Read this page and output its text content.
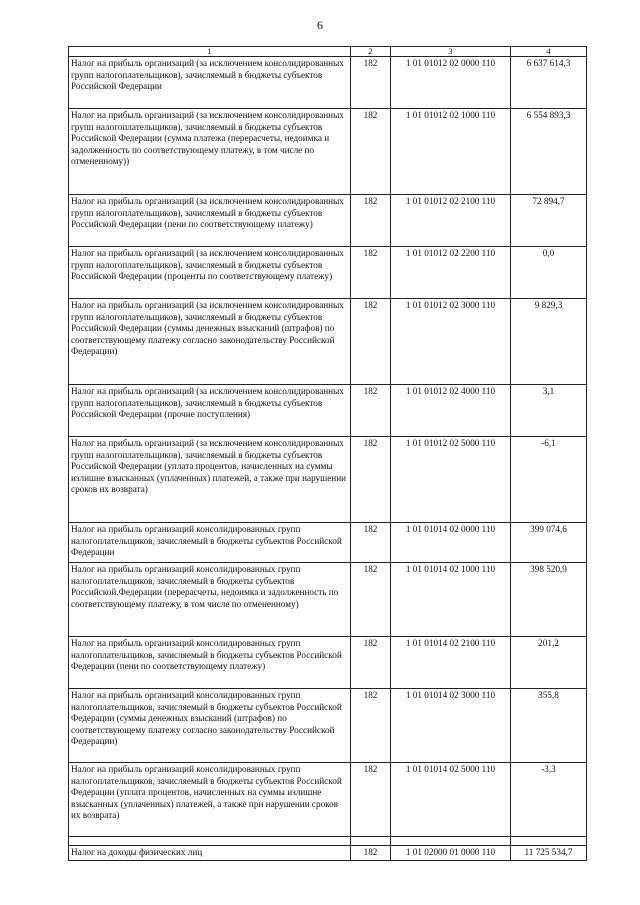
6
1	2	3	4
Налог на прибыль организаций (за исключением консолидированных групп налогоплательщиков), зачисляемый в бюджеты субъектов Российской Федерации	182	1 01 01012 02 0000 110	6 637 614,3
Налог на прибыль организаций (за исключением консолидированных групп налогоплательщиков), зачисляемый в бюджеты субъектов Российской Федерации (сумма платежа (перерасчеты, недоимка и задолженность по соответствующему платежу, в том числе по отмененному))	182	1 01 01012 02 1000 110	6 554 893,3
Налог на прибыль организаций (за исключением консолидированных групп налогоплательщиков), зачисляемый в бюджеты субъектов Российской Федерации (пени по соответствующему платежу)	182	1 01 01012 02 2100 110	72 894,7
Налог на прибыль организаций (за исключением консолидированных групп налогоплательщиков), зачисляемый в бюджеты субъектов Российской Федерации (проценты по соответствующему платежу)	182	1 01 01012 02 2200 110	0,0
Налог на прибыль организаций (за исключением консолидированных групп налогоплательщиков), зачисляемый в бюджеты субъектов Российской Федерации (суммы денежных взысканий (штрафов) по соответствующему платежу согласно законодательству Российской Федерации)	182	1 01 01012 02 3000 110	9 829,3
Налог на прибыль организаций (за исключением консолидированных групп налогоплательщиков), зачисляемый в бюджеты субъектов Российской Федерации (прочие поступления)	182	1 01 01012 02 4000 110	3,1
Налог на прибыль организаций (за исключением консолидированных групп налогоплательщиков), зачисляемый в бюджеты субъектов Российской Федерации (уплата процентов, начисленных на суммы излишне взысканных (уплаченных) платежей, а также при нарушении сроков их возврата)	182	1 01 01012 02 5000 110	-6,1
Налог на прибыль организаций консолидированных групп налогоплательщиков, зачисляемый в бюджеты субъектов Российской Федерации	182	1 01 01014 02 0000 110	399 074,6
Налог на прибыль организаций консолидированных групп налогоплательщиков, зачисляемый в бюджеты субъектов Российской.Федерации (перерасчеты, недоимка и задолженность по соответствующему платежу, в том числе по отмененному)	182	1 01 01014 02 1000 110	398 520,9
Налог на прибыль организаций консолидированных групп налогоплательщиков, зачисляемый в бюджеты субъектов Российской Федерации (пени по соответствующему платежу)	182	1 01 01014 02 2100 110	201,2
Налог на прибыль организаций консолидированных групп налогоплательщиков, зачисляемый в бюджеты субъектов Российской Федерации (суммы денежных взысканий (штрафов) по соответствующему платежу согласно законодательству Российской Федерации)	182	1 01 01014 02 3000 110	355,8
Налог на прибыль организаций консолидированных групп налогоплательщиков, зачисляемый в бюджеты субъектов Российской Федерации (уплата процентов, начисленных на суммы излишне взысканных (уплаченных) платежей, а также при нарушении сроков их возврата)	182	1 01 01014 02 5000 110	-3,3

Налог на доходы физических лиц	182	1 01 02000 01 0000 110	11 725 534,7
